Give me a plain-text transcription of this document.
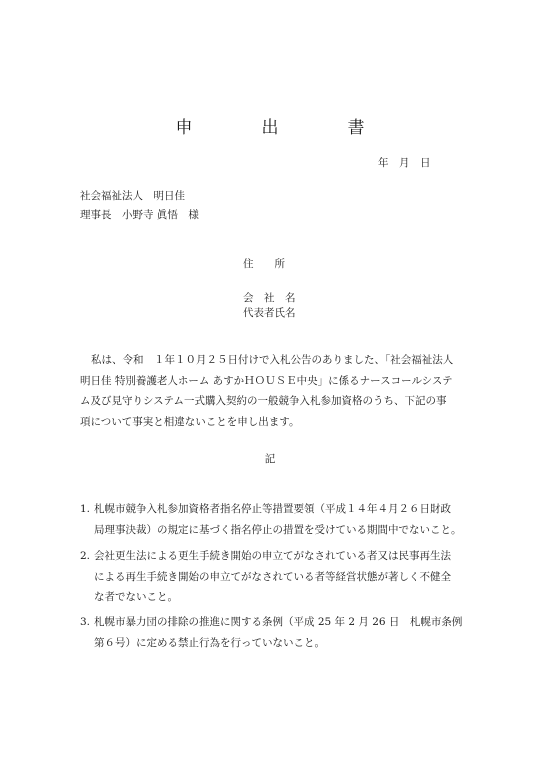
申　出　書
年　月　日
社会福祉法人　明日佳
理事長　小野寺 眞悟　様
住　　所
会　社　名
代表者氏名

私は、令和　１年１０月２５日付けで入札公告のありました、「社会福祉法人

明日佳 特別養護老人ホーム あすかＨＯＵＳＥ中央」に係るナースコールシステ

ム及び見守りシステム一式購入契約の一般競争入札参加資格のうち、下記の事

項について事実と相違ないことを申し出ます。

記
1. 札幌市競争入札参加資格者指名停止等措置要領（平成１４年４月２６日財政
局理事決裁）の規定に基づく指名停止の措置を受けている期間中でないこと。
2. 会社更生法による更生手続き開始の申立てがなされている者又は民事再生法
による再生手続き開始の申立てがなされている者等経営状態が著しく不健全
な者でないこと。
3. 札幌市暴力団の排除の推進に関する条例（平成 25 年 2 月 26 日　札幌市条例
第６号）に定める禁止行為を行っていないこと。
